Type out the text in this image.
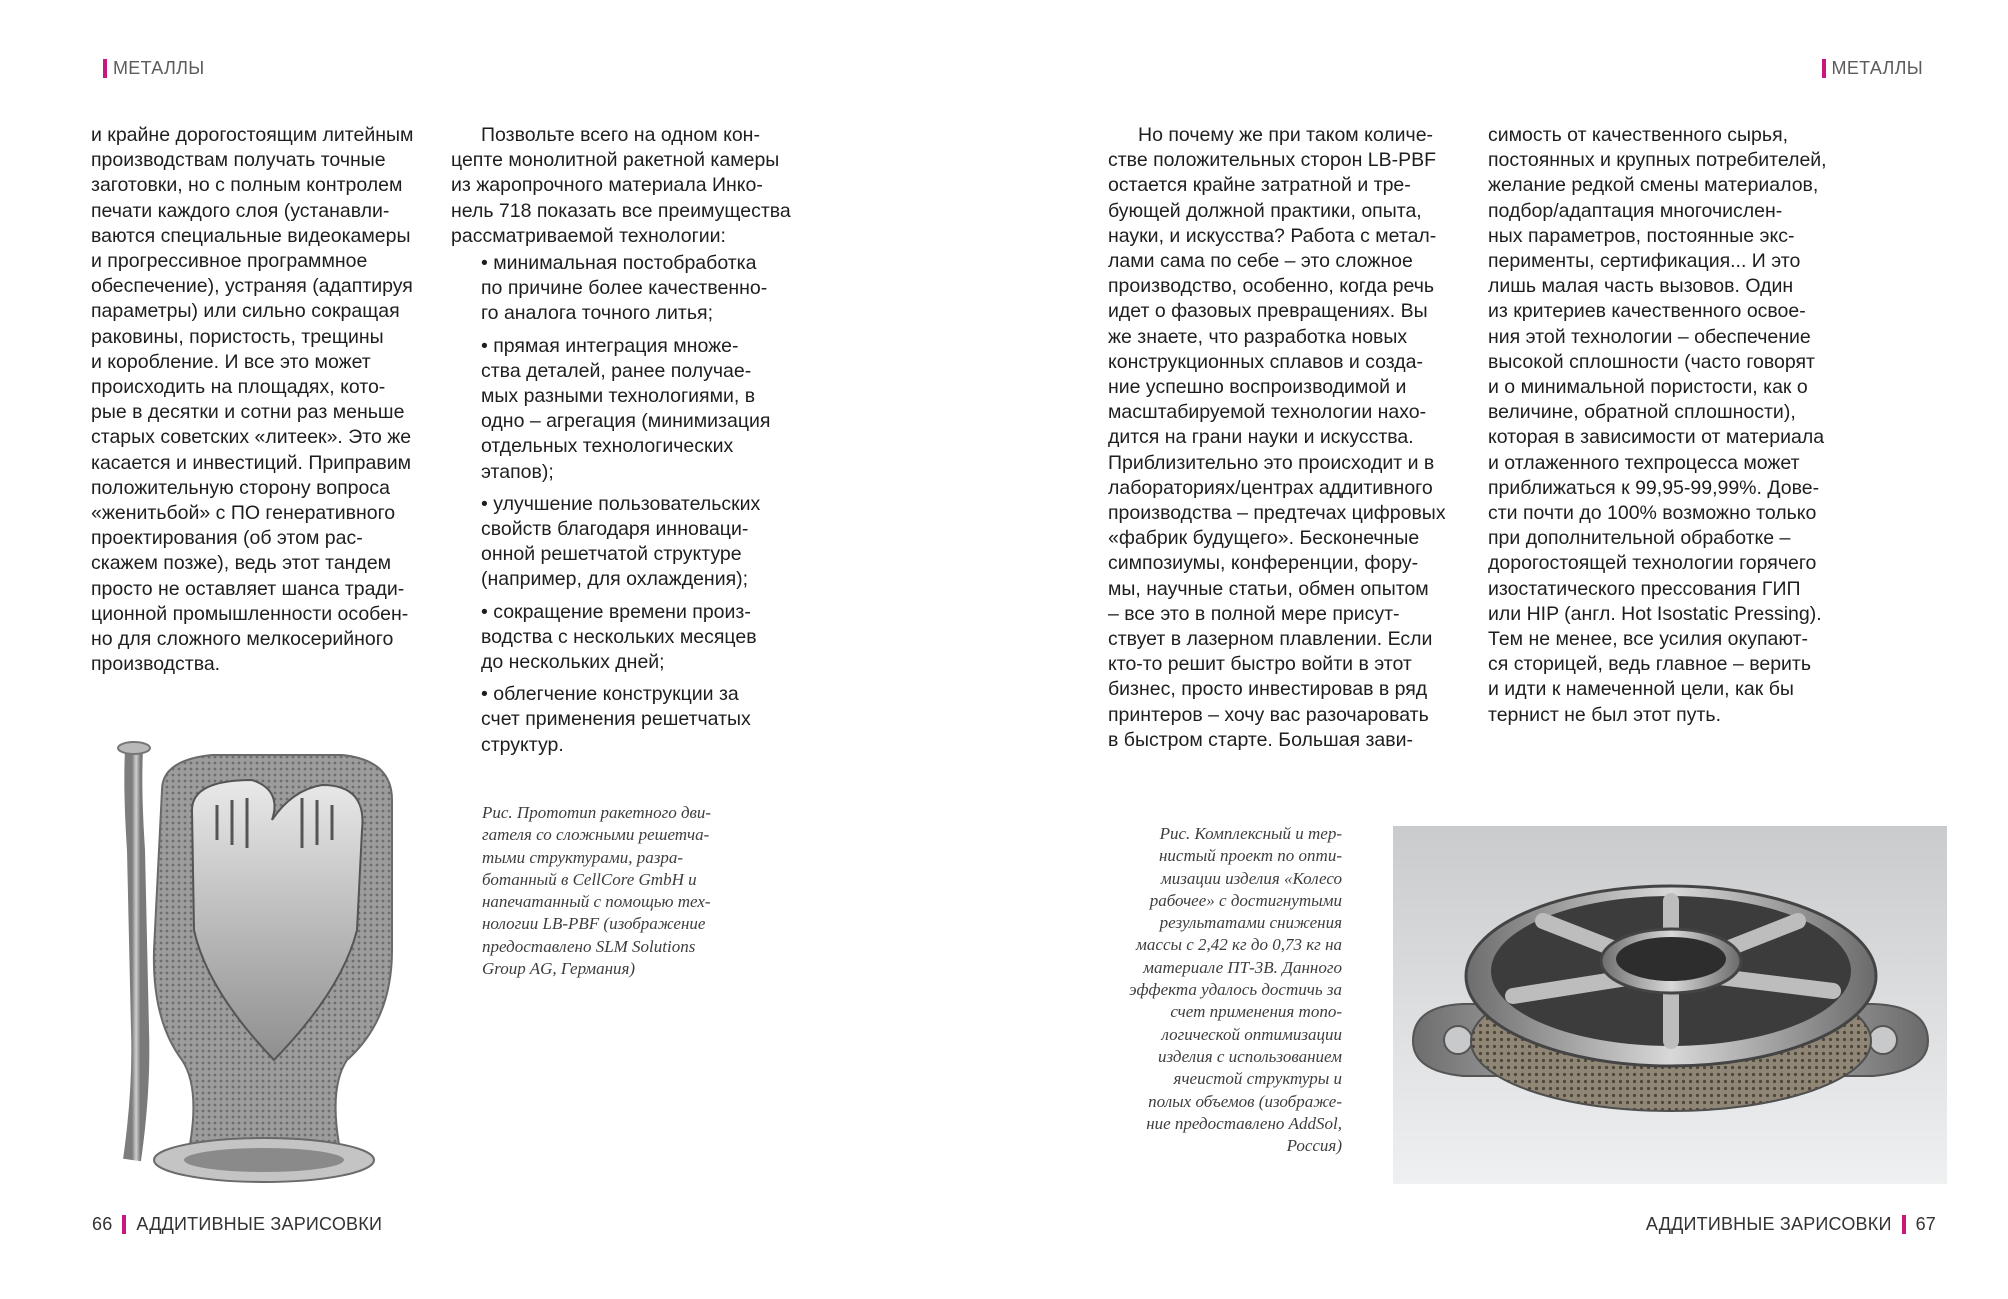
МЕТАЛЛЫ	МЕТАЛЛЫ
и крайне дорогостоящим литейным
производствам получать точные
заготовки, но с полным контролем
печати каждого слоя (устанавли-
ваются специальные видеокамеры
и прогрессивное программное
обеспечение), устраняя (адаптируя
параметры) или сильно сокращая
раковины, пористость, трещины
и коробление. И все это может
происходить на площадях, кото-
рые в десятки и сотни раз меньше
старых советских «литеек». Это же
касается и инвестиций. Приправим
положительную сторону вопроса
«женитьбой» с ПО генеративного
проектирования (об этом рас-
скажем позже), ведь этот тандем
просто не оставляет шанса тради-
ционной промышленности особен-
но для сложного мелкосерийного
производства.
Позвольте всего на одном кон-
цепте монолитной ракетной камеры
из жаропрочного материала Инко-
нель 718 показать все преимущества
рассматриваемой технологии:
• минимальная постобработка
по причине более качественно-
го аналога точного литья;
• прямая интеграция множе-
ства деталей, ранее получае-
мых разными технологиями, в
одно – агрегация (минимизация
отдельных технологических
этапов);
• улучшение пользовательских
свойств благодаря инноваци-
онной решетчатой структуре
(например, для охлаждения);
• сокращение времени произ-
водства с нескольких месяцев
до нескольких дней;
• облегчение конструкции за
счет применения решетчатых
структур.
Рис. Прототип ракетного дви-
гателя со сложными решетча-
тыми структурами, разра-
ботанный в CellCore GmbH и
напечатанный с помощью тех-
нологии LB-PBF (изображение
предоставлено SLM Solutions
Group AG, Германия)
Но почему же при таком количе-
стве положительных сторон LB-PBF
остается крайне затратной и тре-
бующей должной практики, опыта,
науки, и искусства? Работа с метал-
лами сама по себе – это сложное
производство, особенно, когда речь
идет о фазовых превращениях. Вы
же знаете, что разработка новых
конструкционных сплавов и созда-
ние успешно воспроизводимой и
масштабируемой технологии нахо-
дится на грани науки и искусства.
Приблизительно это происходит и в
лабораториях/центрах аддитивного
производства – предтечах цифровых
«фабрик будущего». Бесконечные
симпозиумы, конференции, фору-
мы, научные статьи, обмен опытом
– все это в полной мере присут-
ствует в лазерном плавлении. Если
кто-то решит быстро войти в этот
бизнес, просто инвестировав в ряд
принтеров – хочу вас разочаровать
в быстром старте. Большая зави-
симость от качественного сырья,
постоянных и крупных потребителей,
желание редкой смены материалов,
подбор/адаптация многочислен-
ных параметров, постоянные экс-
перименты, сертификация... И это
лишь малая часть вызовов. Один
из критериев качественного освое-
ния этой технологии – обеспечение
высокой сплошности (часто говорят
и о минимальной пористости, как о
величине, обратной сплошности),
которая в зависимости от материала
и отлаженного техпроцесса может
приближаться к 99,95-99,99%. Дове-
сти почти до 100% возможно только
при дополнительной обработке –
дорогостоящей технологии горячего
изостатического прессования ГИП
или HIP (англ. Hot Isostatic Pressing).
Тем не менее, все усилия окупают-
ся сторицей, ведь главное – верить
и идти к намеченной цели, как бы
тернист не был этот путь.
Рис. Комплексный и тер-
нистый проект по опти-
мизации изделия «Колесо
рабочее» с достигнутыми
результатами снижения
массы с 2,42 кг до 0,73 кг на
материале ПТ-3В. Данного
эффекта удалось достичь за
счет применения топо-
логической оптимизации
изделия с использованием
ячеистой структуры и
полых объемов (изображе-
ние предоставлено AddSol,
Россия)
66 АДДИТИВНЫЕ ЗАРИСОВКИ	АДДИТИВНЫЕ ЗАРИСОВКИ 67
